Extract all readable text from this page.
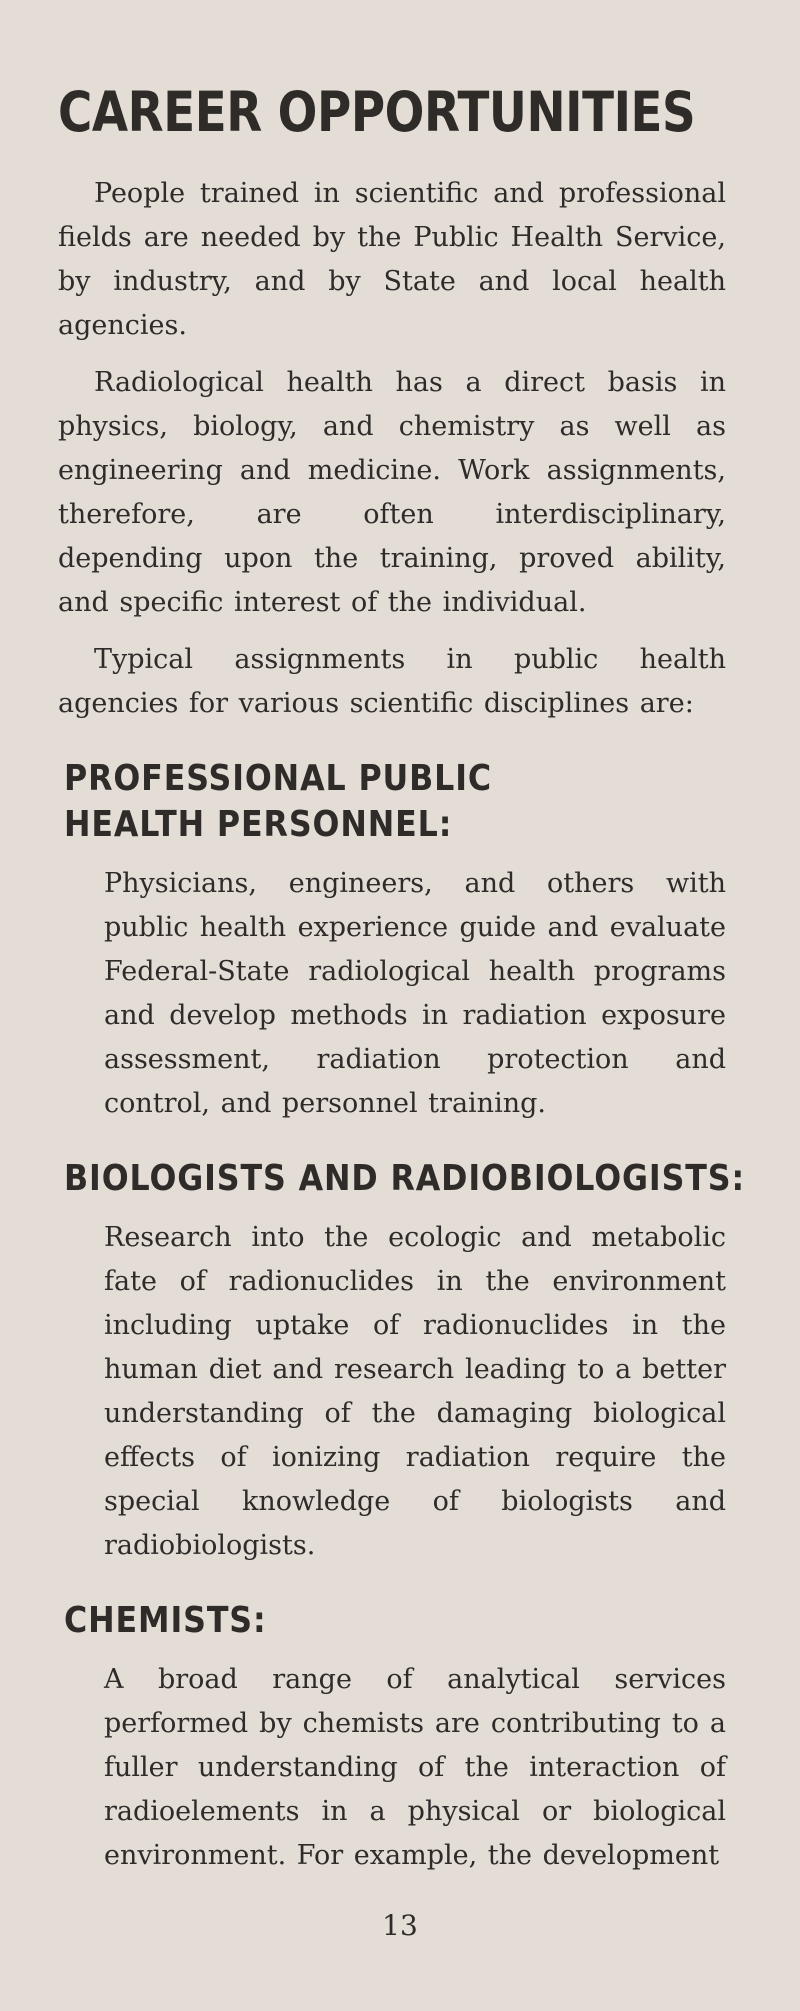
CAREER OPPORTUNITIES

People trained in scientific and professional fields are needed by the Public Health Service, by industry, and by State and local health agencies.

Radiological health has a direct basis in physics, biology, and chemistry as well as engineering and medicine. Work assignments, therefore, are often interdisciplinary, depending upon the training, proved ability, and specific interest of the individual.

Typical assignments in public health agencies for various scientific disciplines are:

PROFESSIONAL PUBLIC
HEALTH PERSONNEL:

Physicians, engineers, and others with public health experience guide and evaluate Federal-State radiological health programs and develop methods in radiation exposure assessment, radiation protection and control, and personnel training.

BIOLOGISTS AND RADIOBIOLOGISTS:

Research into the ecologic and metabolic fate of radionuclides in the environment including uptake of radionuclides in the human diet and research leading to a better understanding of the damaging biological effects of ionizing radiation require the special knowledge of biologists and radiobiologists.

CHEMISTS:

A broad range of analytical services performed by chemists are contributing to a fuller understanding of the interaction of radioelements in a physical or biological environment. For example, the development

13
